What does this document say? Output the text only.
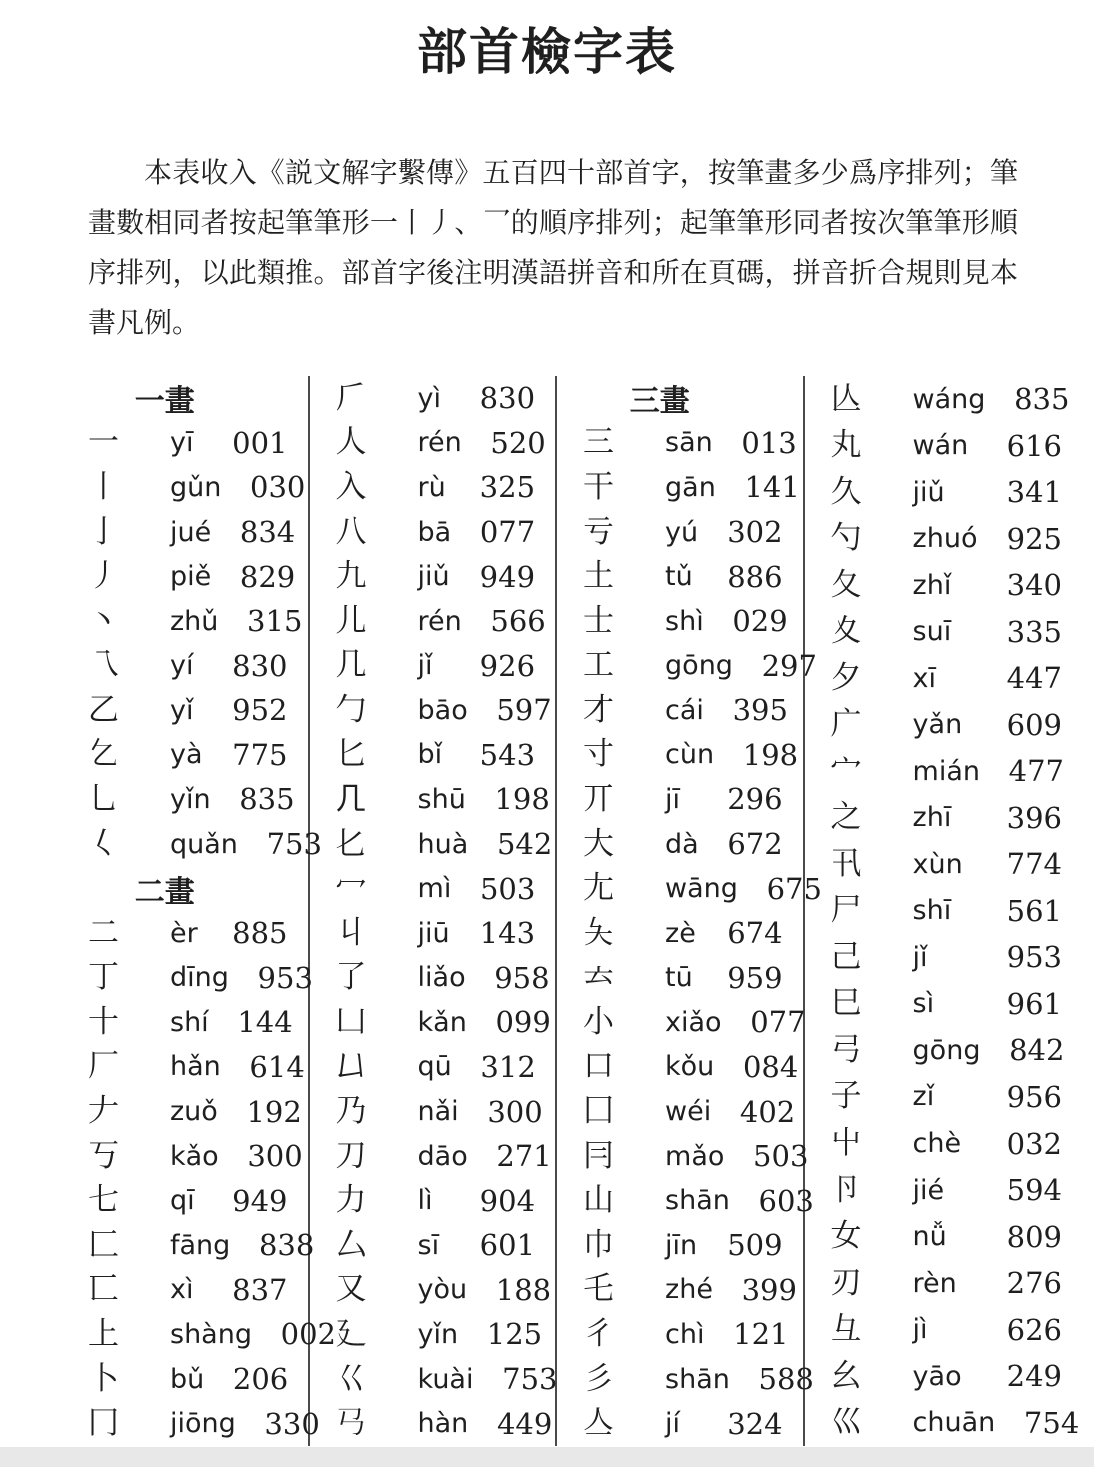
部首檢字表

本表收入《説文解字繫傳》五百四十部首字，按筆畫多少爲序排列；筆畫數相同者按起筆筆形一丨丿、乛的順序排列；起筆筆形同者按次筆筆形順序排列，以此類推。部首字後注明漢語拼音和所在頁碼，拼音折合規則見本書凡例。

一畫
一	yī	001
丨	gǔn 030
亅	jué 834
丿	piě 829
丶	zhǔ 315
乁	yí	830
乙	yǐ	952
𠃉	yà	775
乚	yǐn 835
𡿨	quǎn 753
二畫
二	èr	885
丁	dīng 953
十	shí 144
厂	hǎn 614
𠂇	zuǒ 192
丂	kǎo 300
七	qī	949
匚	fāng 838
匸	xì	837
上	shàng 002
卜	bǔ 206
冂	jiōng 330
𠂆	yì	830
人	rén 520
入	rù	325
八	bā 077
九	jiǔ	949
儿	rén 566
几	jǐ	926
勹	bāo 597
匕	bǐ	543
𠘧	shū 198
𠤎	huà 542
冖	mì 503
丩	jiū	143
了	liǎo 958
凵	kǎn 099
𠙴	qū 312
乃	nǎi 300
刀	dāo 271
力	lì	904
厶	sī	601
又	yòu 188
廴	yǐn 125
巜	kuài 753
𢎘	hàn 449
三畫
三	sān 013
干	gān 141
亏	yú	302
土	tǔ	886
士	shì 029
工	gōng 297
才	cái 395
寸	cùn 198
丌	jī	296
大	dà 672
尢	wāng 675
夨	zè	674
𠫓	tū	959
小	xiǎo 077
口	kǒu 084
囗	wéi 402
冃	mǎo 503
山	shān 603
巾	jīn	509
乇	zhé 399
彳	chì 121
彡	shān 588
亼	jí	324
亾	wáng 835
丸	wán	616
久	jiǔ	341
勺	zhuó	925
夂	zhǐ	340
夊	suī	335
夕	xī	447
广	yǎn	609
宀	mián 477
之	zhī	396
卂	xùn	774
尸	shī	561
己	jǐ	953
巳	sì	961
弓	gōng 842
子	zǐ	956
屮	chè	032
卪	jié	594
女	nǚ	809
刃	rèn	276
彑	jì	626
幺	yāo	249
巛	chuān 754
